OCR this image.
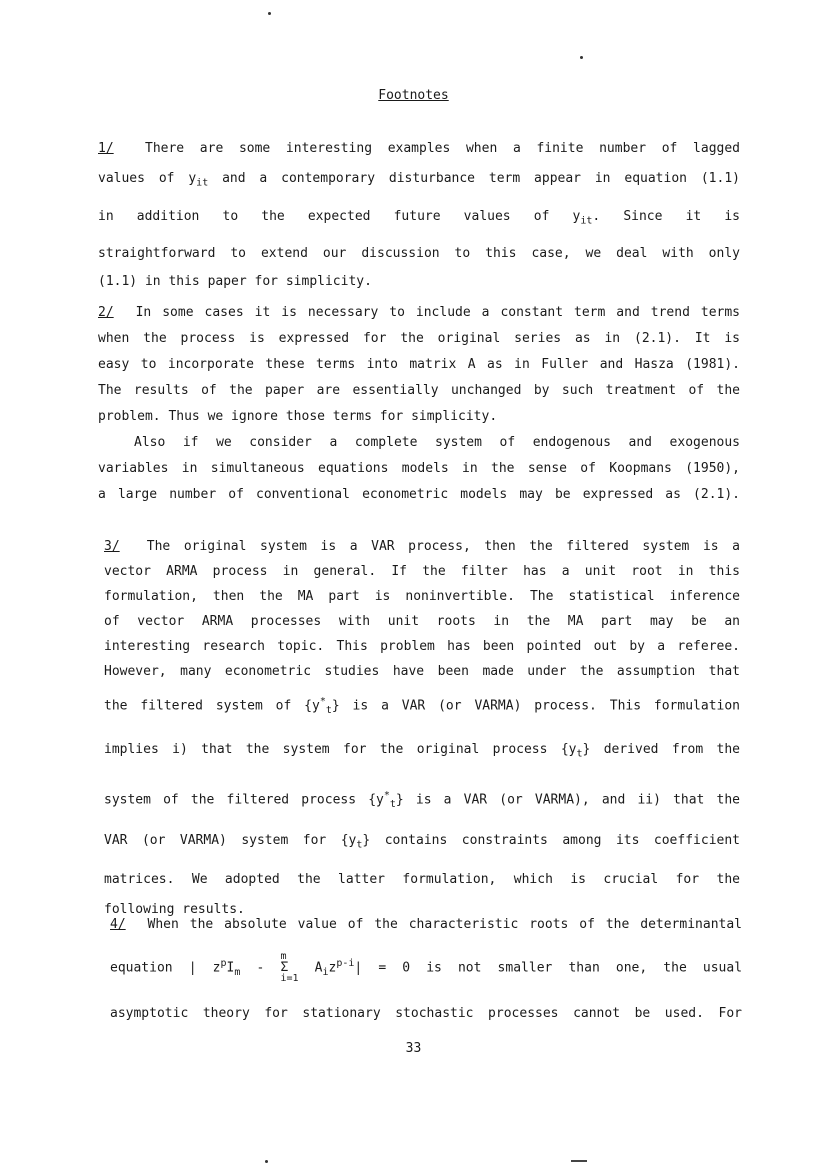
Footnotes

1/ There are some interesting examples when a finite number of lagged
values of $y_{it}$ and a contemporary disturbance term appear in equation (1.1)
in addition to the expected future values of $y_{it}$. Since it is
straightforward to extend our discussion to this case, we deal with only
(1.1) in this paper for simplicity.

2/ In some cases it is necessary to include a constant term and trend terms
when the process is expressed for the original series as in (2.1). It is
easy to incorporate these terms into matrix A as in Fuller and Hasza (1981).
The results of the paper are essentially unchanged by such treatment of the
problem. Thus we ignore those terms for simplicity.
Also if we consider a complete system of endogenous and exogenous
variables in simultaneous equations models in the sense of Koopmans (1950),
a large number of conventional econometric models may be expressed as (2.1).

3/ The original system is a VAR process, then the filtered system is a
vector ARMA process in general. If the filter has a unit root in this
formulation, then the MA part is noninvertible. The statistical inference
of vector ARMA processes with unit roots in the MA part may be an
interesting research topic. This problem has been pointed out by a referee.
However, many econometric studies have been made under the assumption that
the filtered system of $\{y^*_t\}$ is a VAR (or VARMA) process. This formulation
implies i) that the system for the original process $\{y_t\}$ derived from the
system of the filtered process $\{y^*_t\}$ is a VAR (or VARMA), and ii) that the
VAR (or VARMA) system for $\{y_t\}$ contains constraints among its coefficient
matrices. We adopted the latter formulation, which is crucial for the
following results.

4/ When the absolute value of the characteristic roots of the determinantal
equation | $z^pI_m$ -
m
Σ
i=1
$A_iz^{p-i}| = 0$ is not smaller than one, the usual
asymptotic theory for stationary stochastic processes cannot be used. For

33
